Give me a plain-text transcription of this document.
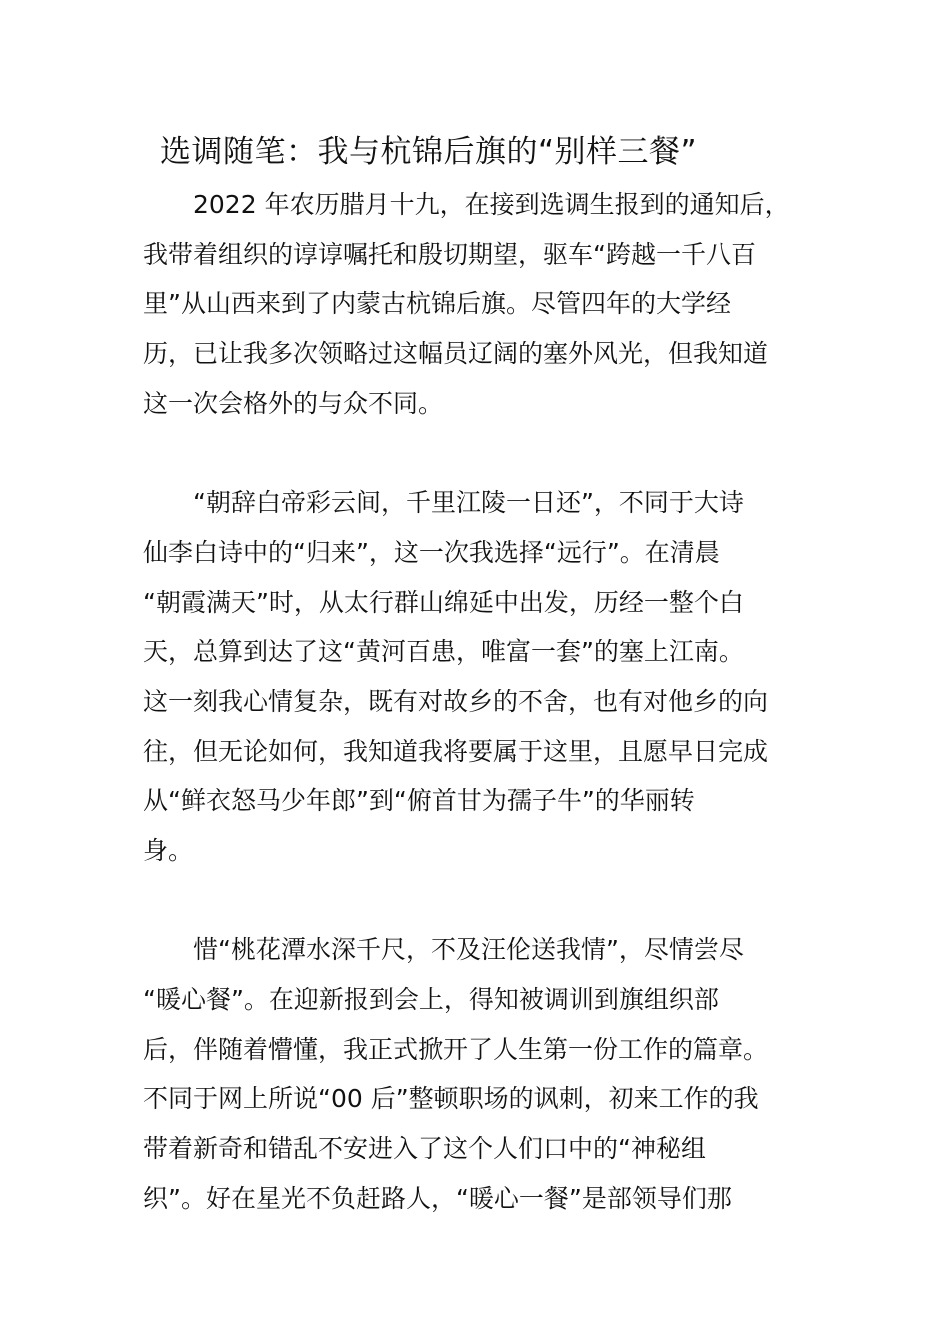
选调随笔：我与杭锦后旗的“别样三餐”
　　2022 年农历腊月十九，在接到选调生报到的通知后，
我带着组织的谆谆嘱托和殷切期望，驱车“跨越一千八百
里”从山西来到了内蒙古杭锦后旗。尽管四年的大学经
历，已让我多次领略过这幅员辽阔的塞外风光，但我知道
这一次会格外的与众不同。
　　“朝辞白帝彩云间，千里江陵一日还”，不同于大诗
仙李白诗中的“归来”，这一次我选择“远行”。在清晨
“朝霞满天”时，从太行群山绵延中出发，历经一整个白
天，总算到达了这“黄河百患，唯富一套”的塞上江南。
这一刻我心情复杂，既有对故乡的不舍，也有对他乡的向
往，但无论如何，我知道我将要属于这里，且愿早日完成
从“鲜衣怒马少年郎”到“俯首甘为孺子牛”的华丽转
身。
　　惜“桃花潭水深千尺，不及汪伦送我情”，尽情尝尽
“暖心餐”。在迎新报到会上，得知被调训到旗组织部
后，伴随着懵懂，我正式掀开了人生第一份工作的篇章。
不同于网上所说“00 后”整顿职场的讽刺，初来工作的我
带着新奇和错乱不安进入了这个人们口中的“神秘组
织”。好在星光不负赶路人，“暖心一餐”是部领导们那
